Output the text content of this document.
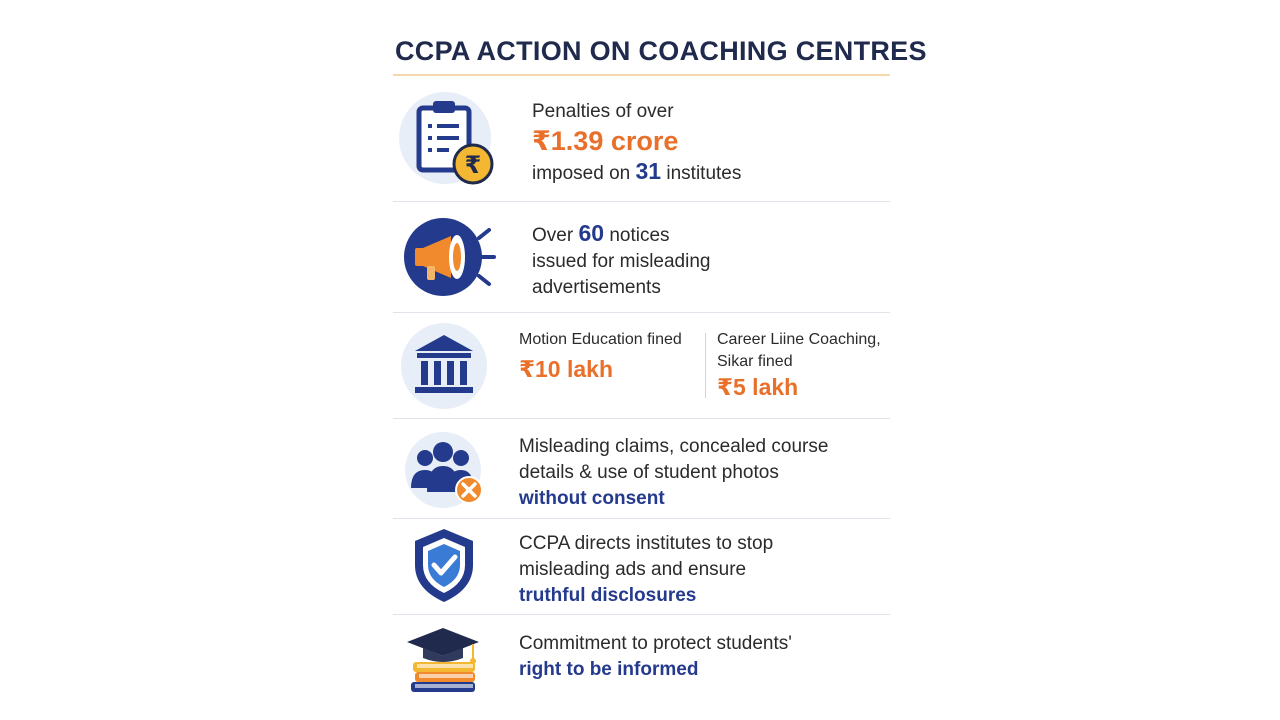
CCPA ACTION ON COACHING CENTRES
₹
Penalties of over
₹1.39 crore
imposed on 31 institutes
Over 60 notices
issued for misleading
advertisements
Motion Education fined
₹10 lakh
Career Liine Coaching,
Sikar fined
₹5 lakh
Misleading claims, concealed course
details & use of student photos
without consent
CCPA directs institutes to stop
misleading ads and ensure
truthful disclosures
Commitment to protect students'
right to be informed
